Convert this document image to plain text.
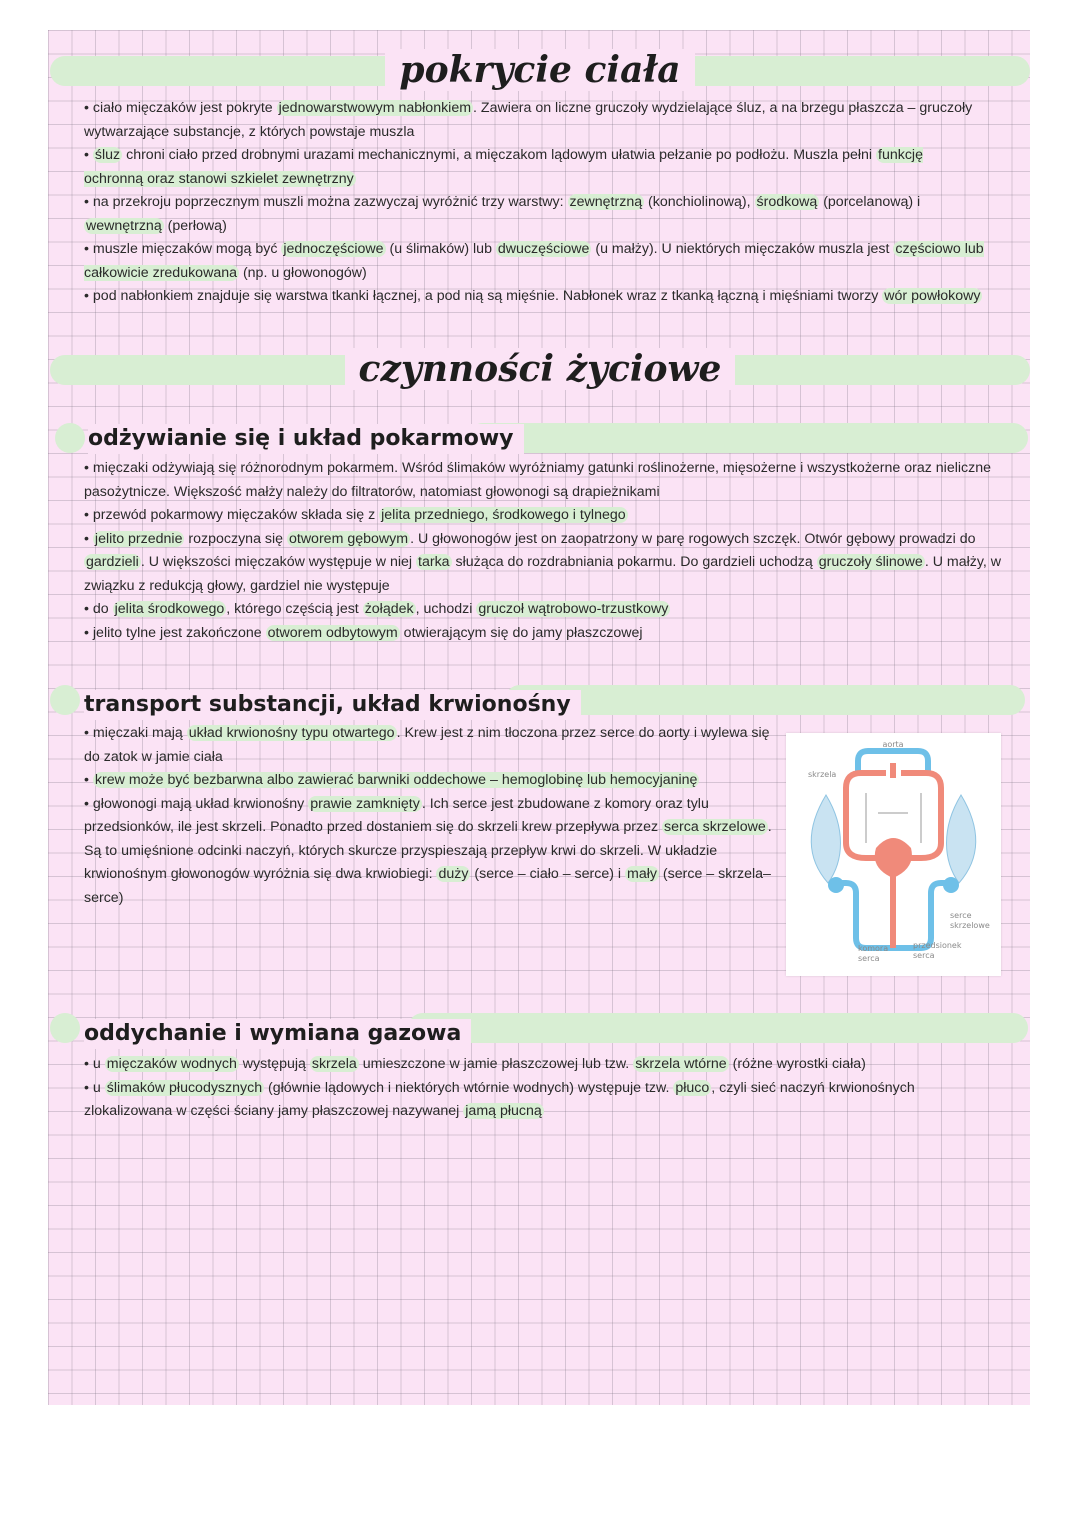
pokrycie ciała

• ciało mięczaków jest pokryte jednowarstwowym nabłonkiem . Zawiera on liczne gruczoły wydzielające śluz, a na brzegu płaszcza – gruczoły wytwarzające substancje, z których powstaje muszla

• śluz chroni ciało przed drobnymi urazami mechanicznymi, a mięczakom lądowym ułatwia pełzanie po podłożu. Muszla pełni funkcję ochronną oraz stanowi szkielet zewnętrzny

• na przekroju poprzecznym muszli można zazwyczaj wyróżnić trzy warstwy: zewnętrzną (konchiolinową), środkową (porcelanową) i wewnętrzną (perłową)

• muszle mięczaków mogą być jednoczęściowe (u ślimaków) lub dwuczęściowe (u małży). U niektórych mięczaków muszla jest częściowo lub całkowicie zredukowana (np. u głowonogów)

• pod nabłonkiem znajduje się warstwa tkanki łącznej, a pod nią są mięśnie. Nabłonek wraz z tkanką łączną i mięśniami tworzy wór powłokowy

czynności życiowe
odżywianie się i układ pokarmowy

• mięczaki odżywiają się różnorodnym pokarmem. Wśród ślimaków wyróżniamy gatunki roślinożerne, mięsożerne i wszystkożerne oraz nieliczne pasożytnicze. Większość małży należy do filtratorów, natomiast głowonogi są drapieżnikami

• przewód pokarmowy mięczaków składa się z jelita przedniego, środkowego i tylnego

• jelito przednie rozpoczyna się otworem gębowym . U głowonogów jest on zaopatrzony w parę rogowych szczęk. Otwór gębowy prowadzi do gardzieli . U większości mięczaków występuje w niej tarka służąca do rozdrabniania pokarmu. Do gardzieli uchodzą gruczoły ślinowe . U małży, w związku z redukcją głowy, gardziel nie występuje

• do jelita środkowego , którego częścią jest żołądek , uchodzi gruczoł wątrobowo-trzustkowy

• jelito tylne jest zakończone otworem odbytowym otwierającym się do jamy płaszczowej

transport substancji, układ krwionośny

• mięczaki mają układ krwionośny typu otwartego . Krew jest z nim tłoczona przez serce do aorty i wylewa się do zatok w jamie ciała

• krew może być bezbarwna albo zawierać barwniki oddechowe – hemoglobinę lub hemocyjaninę

• głowonogi mają układ krwionośny prawie zamknięty . Ich serce jest zbudowane z komory oraz tylu przedsionków, ile jest skrzeli. Ponadto przed dostaniem się do skrzeli krew przepływa przez serca skrzelowe . Są to umięśnione odcinki naczyń, których skurcze przyspieszają przepływ krwi do skrzeli. W układzie krwionośnym głowonogów wyróżnia się dwa krwiobiegi: duży (serce – ciało – serce) i mały (serce – skrzela–serce)

aorta
skrzela
serce
skrzelowe
komora
serca
przedsionek
serca
oddychanie i wymiana gazowa

• u mięczaków wodnych występują skrzela umieszczone w jamie płaszczowej lub tzw. skrzela wtórne (różne wyrostki ciała)

• u ślimaków płucodysznych (głównie lądowych i niektórych wtórnie wodnych) występuje tzw. płuco , czyli sieć naczyń krwionośnych zlokalizowana w części ściany jamy płaszczowej nazywanej jamą płucną
